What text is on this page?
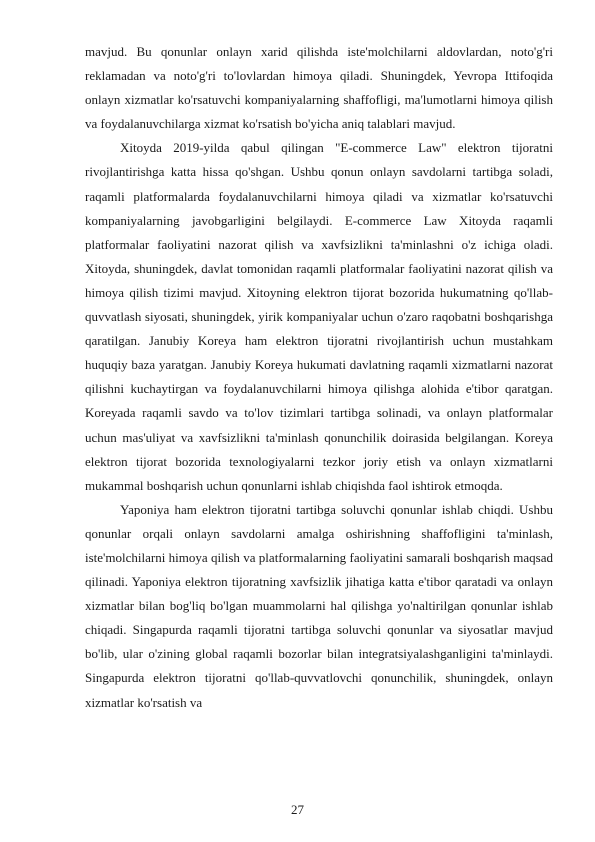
mavjud. Bu qonunlar onlayn xarid qilishda iste'molchilarni aldovlardan, noto'g'ri reklamadan va noto'g'ri to'lovlardan himoya qiladi. Shuningdek, Yevropa Ittifoqida onlayn xizmatlar ko'rsatuvchi kompaniyalarning shaffofligi, ma'lumotlarni himoya qilish va foydalanuvchilarga xizmat ko'rsatish bo'yicha aniq talablari mavjud.

Xitoyda 2019-yilda qabul qilingan "E-commerce Law" elektron tijoratni rivojlantirishga katta hissa qo'shgan. Ushbu qonun onlayn savdolarni tartibga soladi, raqamli platformalarda foydalanuvchilarni himoya qiladi va xizmatlar ko'rsatuvchi kompaniyalarning javobgarligini belgilaydi. E-commerce Law Xitoyda raqamli platformalar faoliyatini nazorat qilish va xavfsizlikni ta'minlashni o'z ichiga oladi. Xitoyda, shuningdek, davlat tomonidan raqamli platformalar faoliyatini nazorat qilish va himoya qilish tizimi mavjud. Xitoyning elektron tijorat bozorida hukumatning qo'llab-quvvatlash siyosati, shuningdek, yirik kompaniyalar uchun o'zaro raqobatni boshqarishga qaratilgan. Janubiy Koreya ham elektron tijoratni rivojlantirish uchun mustahkam huquqiy baza yaratgan. Janubiy Koreya hukumati davlatning raqamli xizmatlarni nazorat qilishni kuchaytirgan va foydalanuvchilarni himoya qilishga alohida e'tibor qaratgan. Koreyada raqamli savdo va to'lov tizimlari tartibga solinadi, va onlayn platformalar uchun mas'uliyat va xavfsizlikni ta'minlash qonunchilik doirasida belgilangan. Koreya elektron tijorat bozorida texnologiyalarni tezkor joriy etish va onlayn xizmatlarni mukammal boshqarish uchun qonunlarni ishlab chiqishda faol ishtirok etmoqda.

Yaponiya ham elektron tijoratni tartibga soluvchi qonunlar ishlab chiqdi. Ushbu qonunlar orqali onlayn savdolarni amalga oshirishning shaffofligini ta'minlash, iste'molchilarni himoya qilish va platformalarning faoliyatini samarali boshqarish maqsad qilinadi. Yaponiya elektron tijoratning xavfsizlik jihatiga katta e'tibor qaratadi va onlayn xizmatlar bilan bog'liq bo'lgan muammolarni hal qilishga yo'naltirilgan qonunlar ishlab chiqadi. Singapurda raqamli tijoratni tartibga soluvchi qonunlar va siyosatlar mavjud bo'lib, ular o'zining global raqamli bozorlar bilan integratsiyalashganligini ta'minlaydi. Singapurda elektron tijoratni qo'llab-quvvatlovchi qonunchilik, shuningdek, onlayn xizmatlar ko'rsatish va

27
